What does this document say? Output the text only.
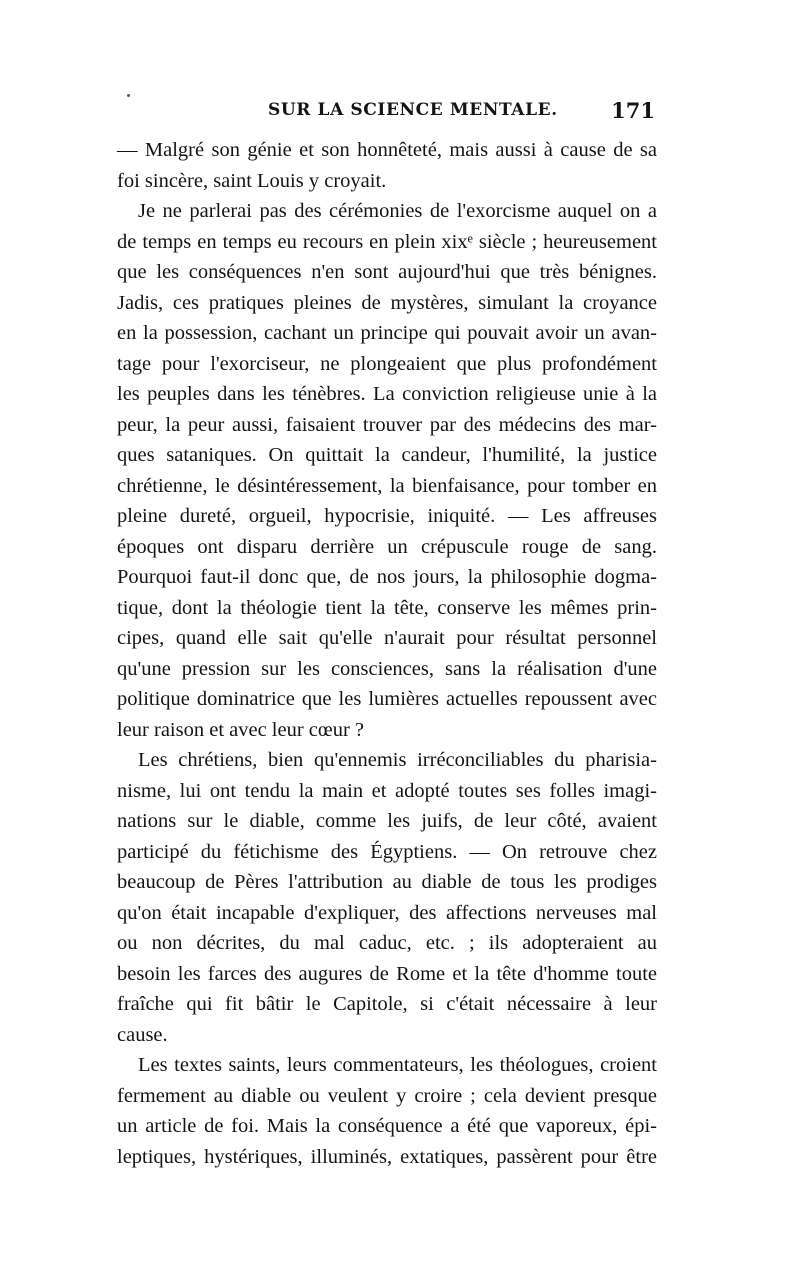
SUR LA SCIENCE MENTALE.	171
— Malgré son génie et son honnêteté, mais aussi à cause de sa
foi sincère, saint Louis y croyait.
Je ne parlerai pas des cérémonies de l'exorcisme auquel on a
de temps en temps eu recours en plein xixᵉ siècle ; heureusement
que les conséquences n'en sont aujourd'hui que très bénignes.
Jadis, ces pratiques pleines de mystères, simulant la croyance
en la possession, cachant un principe qui pouvait avoir un avan-
tage pour l'exorciseur, ne plongeaient que plus profondément
les peuples dans les ténèbres. La conviction religieuse unie à la
peur, la peur aussi, faisaient trouver par des médecins des mar-
ques sataniques. On quittait la candeur, l'humilité, la justice
chrétienne, le désintéressement, la bienfaisance, pour tomber en
pleine dureté, orgueil, hypocrisie, iniquité. — Les affreuses
époques ont disparu derrière un crépuscule rouge de sang.
Pourquoi faut-il donc que, de nos jours, la philosophie dogma-
tique, dont la théologie tient la tête, conserve les mêmes prin-
cipes, quand elle sait qu'elle n'aurait pour résultat personnel
qu'une pression sur les consciences, sans la réalisation d'une
politique dominatrice que les lumières actuelles repoussent avec
leur raison et avec leur cœur ?
Les chrétiens, bien qu'ennemis irréconciliables du pharisia-
nisme, lui ont tendu la main et adopté toutes ses folles imagi-
nations sur le diable, comme les juifs, de leur côté, avaient
participé du fétichisme des Égyptiens. — On retrouve chez
beaucoup de Pères l'attribution au diable de tous les prodiges
qu'on était incapable d'expliquer, des affections nerveuses mal
ou non décrites, du mal caduc, etc. ; ils adopteraient au
besoin les farces des augures de Rome et la tête d'homme toute
fraîche qui fit bâtir le Capitole, si c'était nécessaire à leur
cause.
Les textes saints, leurs commentateurs, les théologues, croient
fermement au diable ou veulent y croire ; cela devient presque
un article de foi. Mais la conséquence a été que vaporeux, épi-
leptiques, hystériques, illuminés, extatiques, passèrent pour être
